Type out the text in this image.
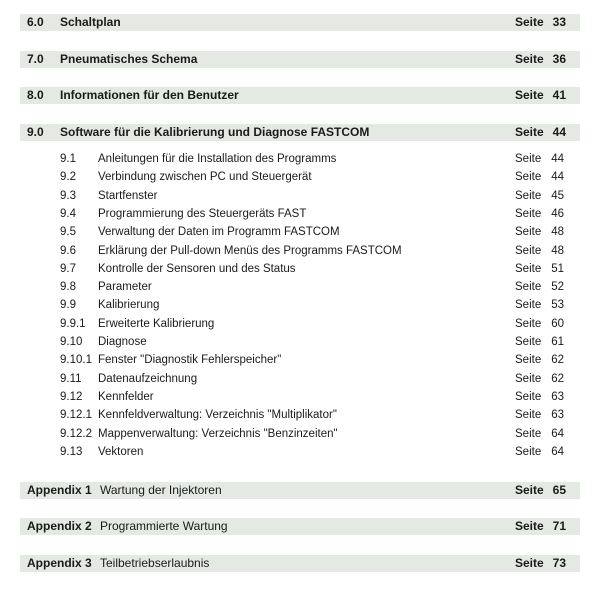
6.0 Schaltplan	Seite 33
7.0 Pneumatisches Schema	Seite 36
8.0 Informationen für den Benutzer	Seite 41
9.0 Software für die Kalibrierung und Diagnose FASTCOM	Seite 44
9.1 Anleitungen für die Installation des Programms	Seite 44
9.2 Verbindung zwischen PC und Steuergerät	Seite 44
9.3 Startfenster	Seite 45
9.4 Programmierung des Steuergeräts FAST	Seite 46
9.5 Verwaltung der Daten im Programm FASTCOM	Seite 48
9.6 Erklärung der Pull-down Menüs des Programms FASTCOM	Seite 48
9.7 Kontrolle der Sensoren und des Status	Seite 51
9.8 Parameter	Seite 52
9.9 Kalibrierung	Seite 53
9.9.1 Erweiterte Kalibrierung	Seite 60
9.10 Diagnose	Seite 61
9.10.1 Fenster "Diagnostik Fehlerspeicher"	Seite 62
9.11 Datenaufzeichnung	Seite 62
9.12 Kennfelder	Seite 63
9.12.1 Kennfeldverwaltung: Verzeichnis "Multiplikator"	Seite 63
9.12.2 Mappenverwaltung: Verzeichnis "Benzinzeiten"	Seite 64
9.13 Vektoren	Seite 64
Appendix 1 Wartung der Injektoren	Seite 65
Appendix 2 Programmierte Wartung	Seite 71
Appendix 3 Teilbetriebserlaubnis	Seite 73
